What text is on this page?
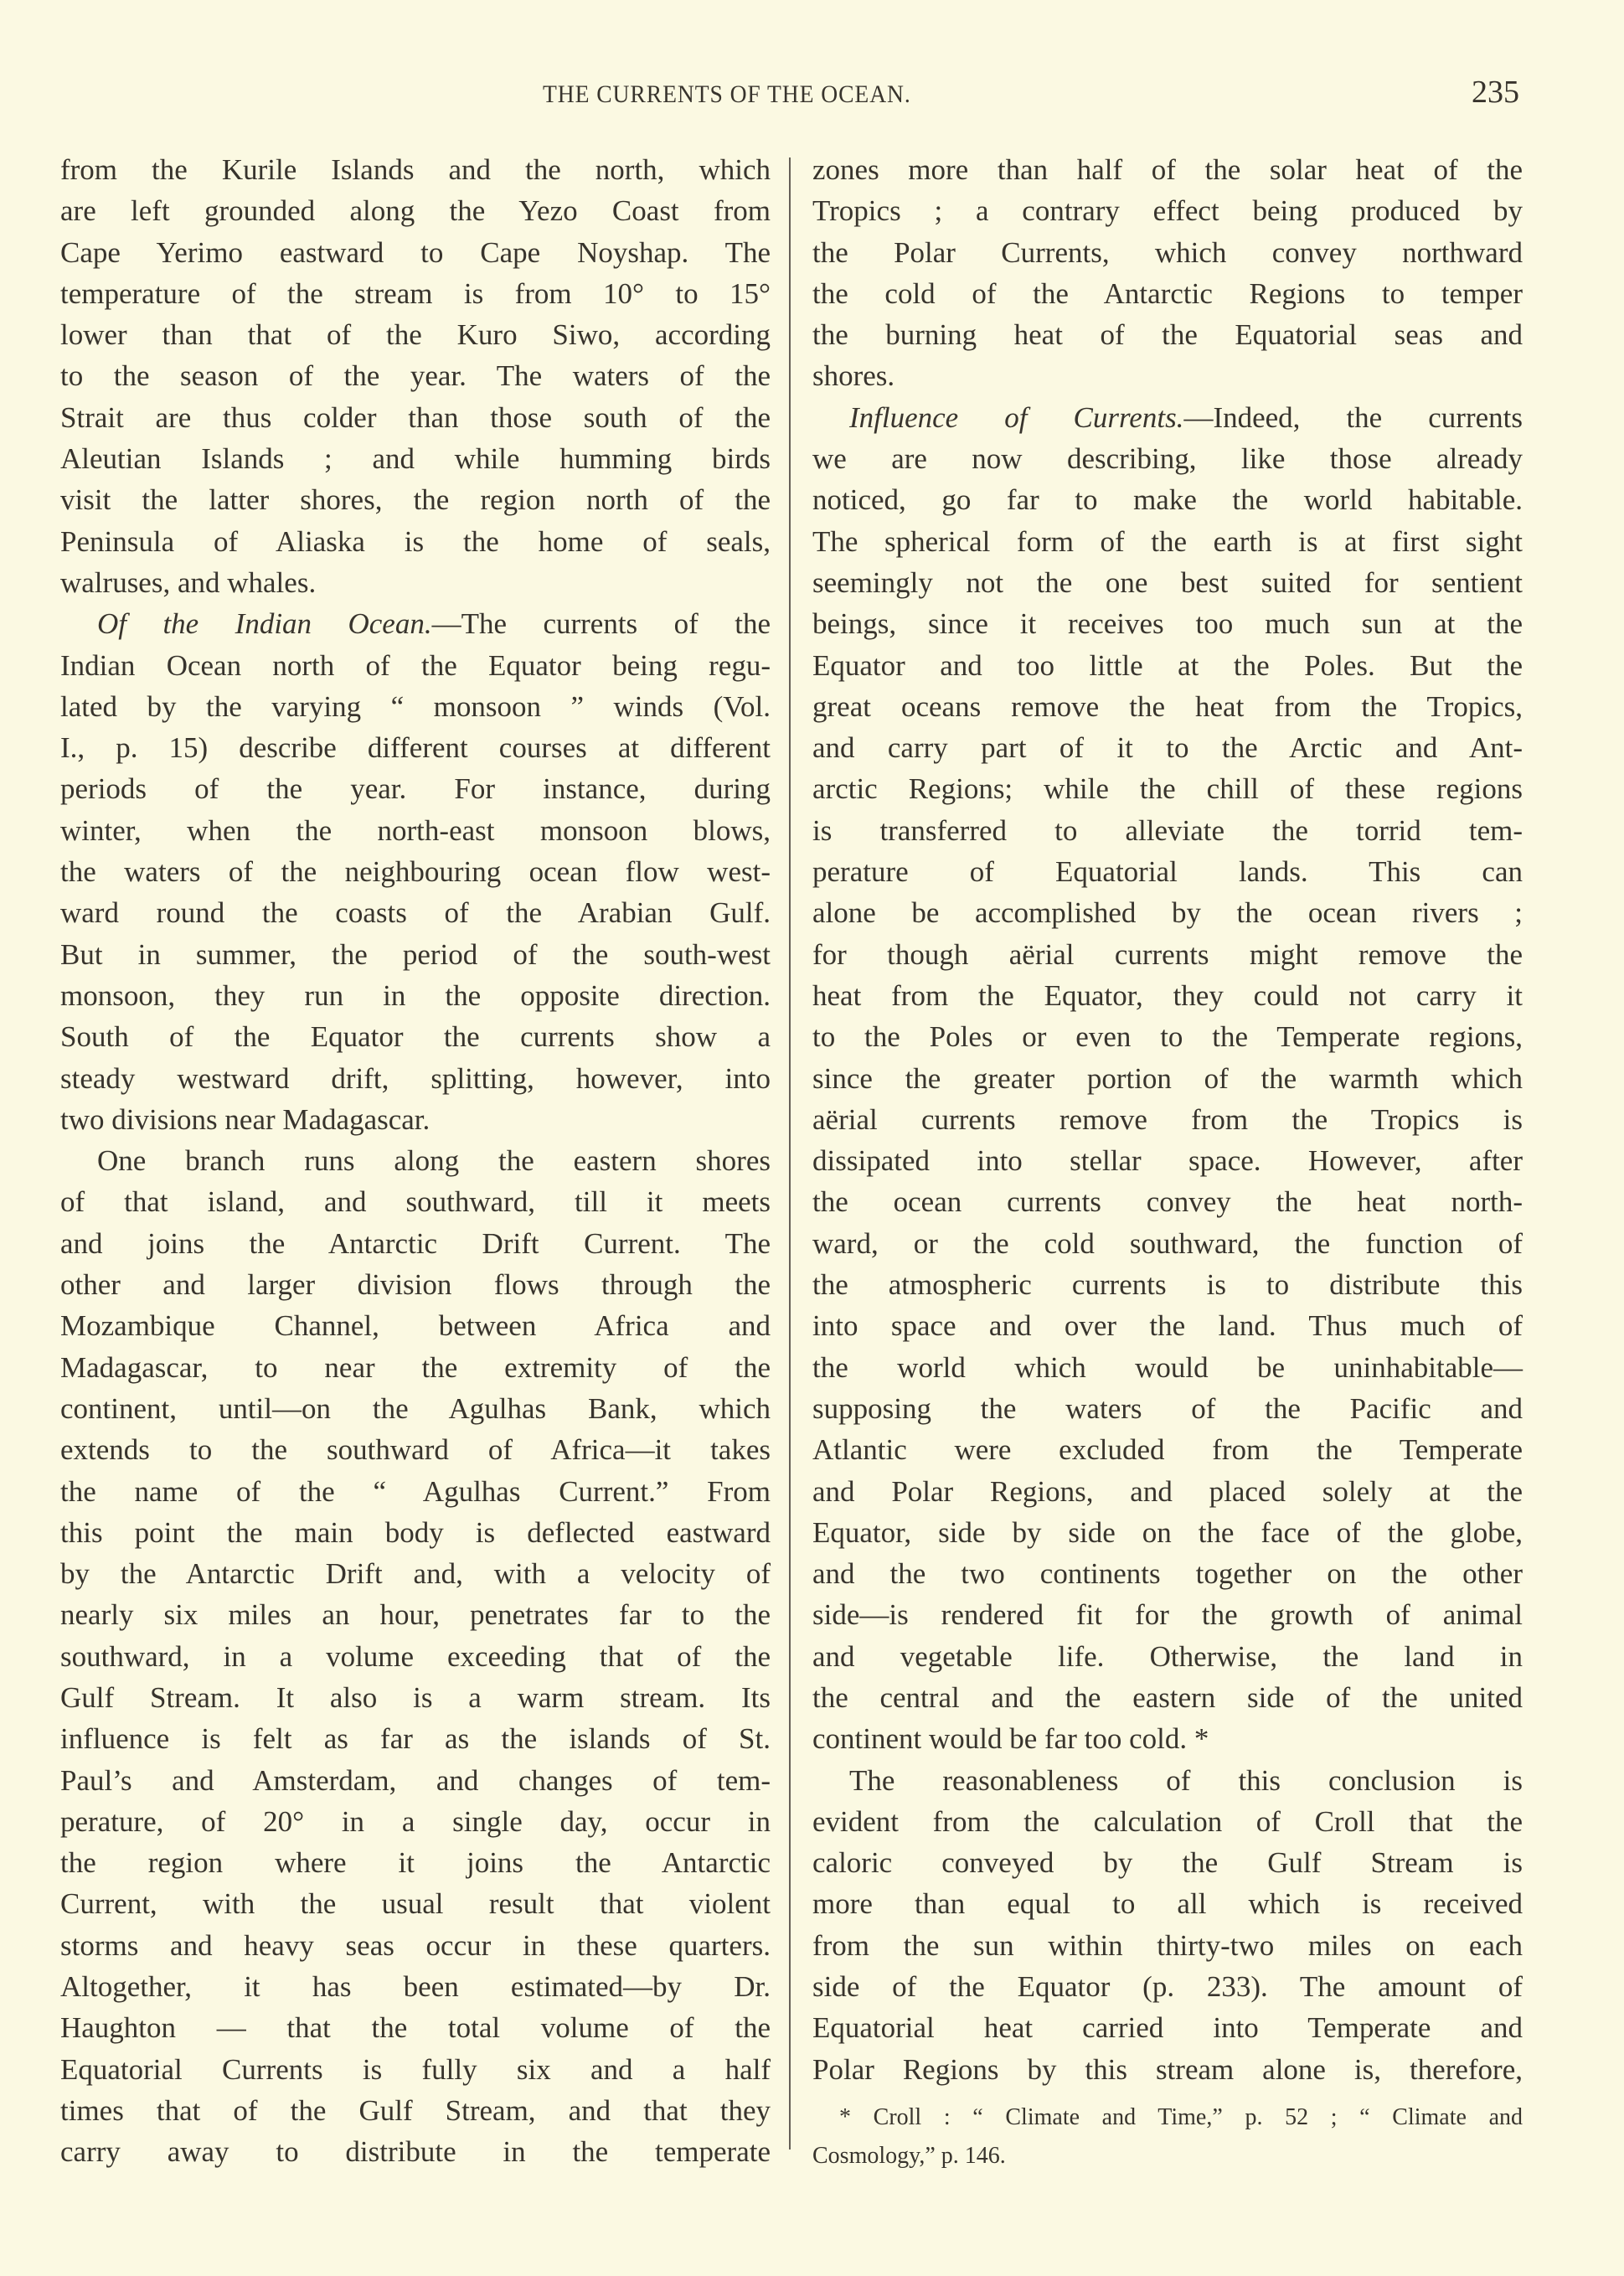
THE CURRENTS OF THE OCEAN.	235
from the Kurile Islands and the north, which
are left grounded along the Yezo Coast from
Cape Yerimo eastward to Cape Noyshap. The
temperature of the stream is from 10° to 15°
lower than that of the Kuro Siwo, according
to the season of the year. The waters of the
Strait are thus colder than those south of the
Aleutian Islands ; and while humming birds
visit the latter shores, the region north of the
Peninsula of Aliaska is the home of seals,
walruses, and whales.
Of the Indian Ocean.—The currents of the
Indian Ocean north of the Equator being regu-
lated by the varying “ monsoon ” winds (Vol.
I., p. 15) describe different courses at different
periods of the year. For instance, during
winter, when the north-east monsoon blows,
the waters of the neighbouring ocean flow west-
ward round the coasts of the Arabian Gulf.
But in summer, the period of the south-west
monsoon, they run in the opposite direction.
South of the Equator the currents show a
steady westward drift, splitting, however, into
two divisions near Madagascar.
One branch runs along the eastern shores
of that island, and southward, till it meets
and joins the Antarctic Drift Current. The
other and larger division flows through the
Mozambique Channel, between Africa and
Madagascar, to near the extremity of the
continent, until—on the Agulhas Bank, which
extends to the southward of Africa—it takes
the name of the “ Agulhas Current.” From
this point the main body is deflected eastward
by the Antarctic Drift and, with a velocity of
nearly six miles an hour, penetrates far to the
southward, in a volume exceeding that of the
Gulf Stream. It also is a warm stream. Its
influence is felt as far as the islands of St.
Paul’s and Amsterdam, and changes of tem-
perature, of 20° in a single day, occur in
the region where it joins the Antarctic
Current, with the usual result that violent
storms and heavy seas occur in these quarters.
Altogether, it has been estimated—by Dr.
Haughton — that the total volume of the
Equatorial Currents is fully six and a half
times that of the Gulf Stream, and that they
carry away to distribute in the temperate
zones more than half of the solar heat of the
Tropics ; a contrary effect being produced by
the Polar Currents, which convey northward
the cold of the Antarctic Regions to temper
the burning heat of the Equatorial seas and
shores.
Influence of Currents.—Indeed, the currents
we are now describing, like those already
noticed, go far to make the world habitable.
The spherical form of the earth is at first sight
seemingly not the one best suited for sentient
beings, since it receives too much sun at the
Equator and too little at the Poles. But the
great oceans remove the heat from the Tropics,
and carry part of it to the Arctic and Ant-
arctic Regions; while the chill of these regions
is transferred to alleviate the torrid tem-
perature of Equatorial lands. This can
alone be accomplished by the ocean rivers ;
for though aërial currents might remove the
heat from the Equator, they could not carry it
to the Poles or even to the Temperate regions,
since the greater portion of the warmth which
aërial currents remove from the Tropics is
dissipated into stellar space. However, after
the ocean currents convey the heat north-
ward, or the cold southward, the function of
the atmospheric currents is to distribute this
into space and over the land. Thus much of
the world which would be uninhabitable—
supposing the waters of the Pacific and
Atlantic were excluded from the Temperate
and Polar Regions, and placed solely at the
Equator, side by side on the face of the globe,
and the two continents together on the other
side—is rendered fit for the growth of animal
and vegetable life. Otherwise, the land in
the central and the eastern side of the united
continent would be far too cold. *
The reasonableness of this conclusion is
evident from the calculation of Croll that the
caloric conveyed by the Gulf Stream is
more than equal to all which is received
from the sun within thirty-two miles on each
side of the Equator (p. 233). The amount of
Equatorial heat carried into Temperate and
Polar Regions by this stream alone is, therefore,
* Croll : “ Climate and Time,” p. 52 ; “ Climate and
Cosmology,” p. 146.
